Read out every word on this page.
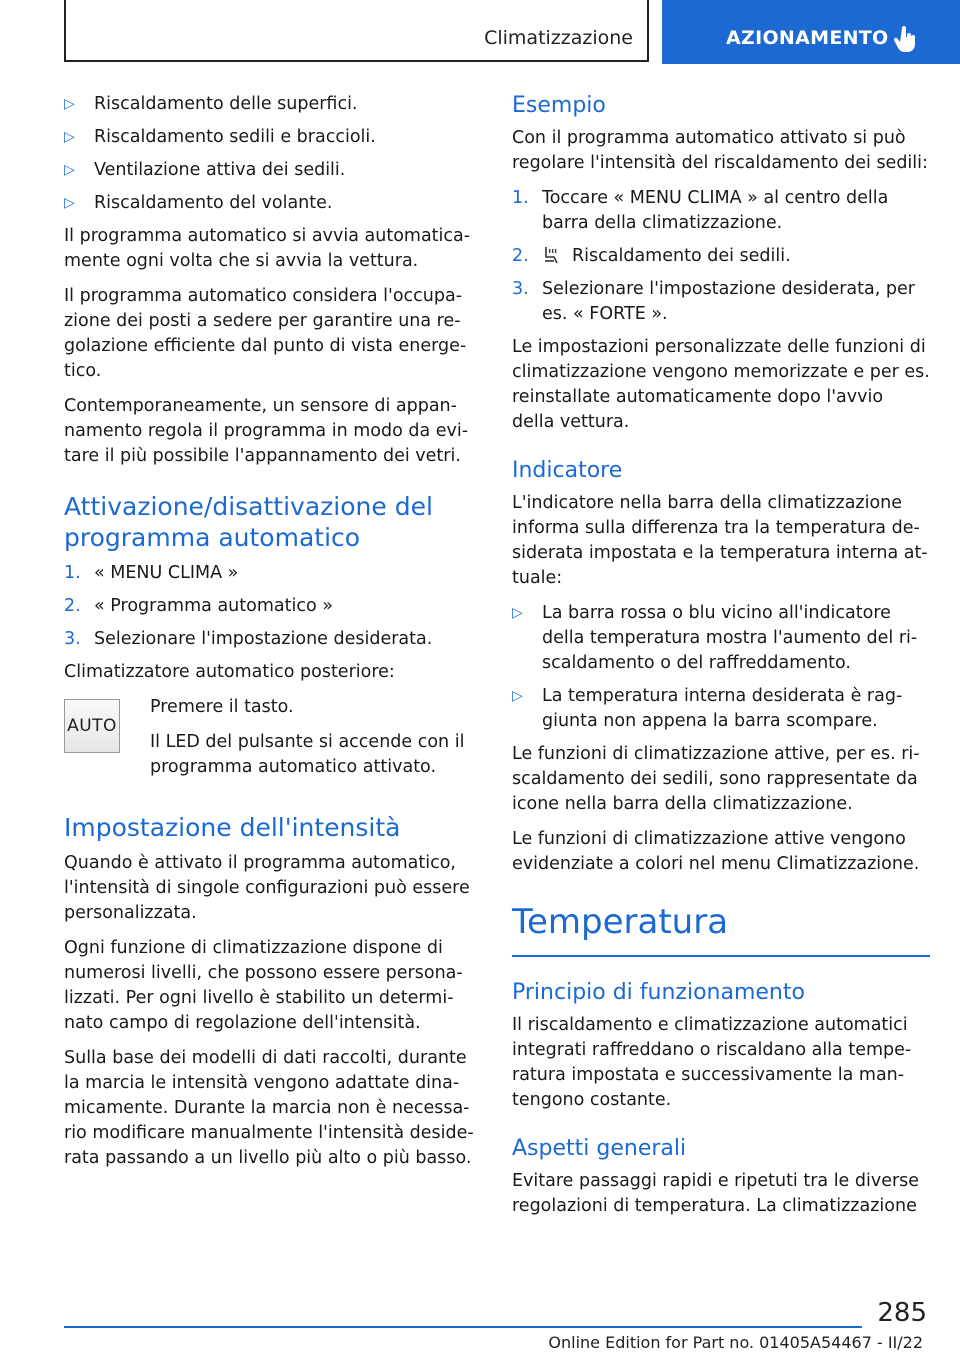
Climatizzazione	AZIONAMENTO
▷ Riscaldamento delle superfici.
▷ Riscaldamento sedili e braccioli.
▷ Ventilazione attiva dei sedili.
▷ Riscaldamento del volante.

Il programma automatico si avvia automatica-mente ogni volta che si avvia la vettura.

Il programma automatico considera l'occupa-zione dei posti a sedere per garantire una re-golazione efficiente dal punto di vista energe-tico.

Contemporaneamente, un sensore di appan-namento regola il programma in modo da evi-tare il più possibile l'appannamento dei vetri.

Attivazione/disattivazione del programma automatico
1. « MENU CLIMA »
2. « Programma automatico »
3. Selezionare l'impostazione desiderata.

Climatizzatore automatico posteriore:

AUTO

Premere il tasto.

Il LED del pulsante si accende con il programma automatico attivato.

Impostazione dell'intensità

Quando è attivato il programma automatico, l'intensità di singole configurazioni può essere personalizzata.

Ogni funzione di climatizzazione dispone di numerosi livelli, che possono essere persona-lizzati. Per ogni livello è stabilito un determi-nato campo di regolazione dell'intensità.

Sulla base dei modelli di dati raccolti, durante la marcia le intensità vengono adattate dina-micamente. Durante la marcia non è necessa-rio modificare manualmente l'intensità deside-rata passando a un livello più alto o più basso.

Esempio

Con il programma automatico attivato si può regolare l'intensità del riscaldamento dei sedili:

1. Toccare « MENU CLIMA » al centro della barra della climatizzazione.
2. Riscaldamento dei sedili.
3. Selezionare l'impostazione desiderata, per es. « FORTE ».

Le impostazioni personalizzate delle funzioni di climatizzazione vengono memorizzate e per es. reinstallate automaticamente dopo l'avvio della vettura.

Indicatore

L'indicatore nella barra della climatizzazione informa sulla differenza tra la temperatura de-siderata impostata e la temperatura interna at-tuale:

▷ La barra rossa o blu vicino all'indicatore della temperatura mostra l'aumento del ri-scaldamento o del raffreddamento.
▷ La temperatura interna desiderata è rag-giunta non appena la barra scompare.

Le funzioni di climatizzazione attive, per es. ri-scaldamento dei sedili, sono rappresentate da icone nella barra della climatizzazione.

Le funzioni di climatizzazione attive vengono evidenziate a colori nel menu Climatizzazione.

Temperatura
Principio di funzionamento

Il riscaldamento e climatizzazione automatici integrati raffreddano o riscaldano alla tempe-ratura impostata e successivamente la man-tengono costante.

Aspetti generali

Evitare passaggi rapidi e ripetuti tra le diverse regolazioni di temperatura. La climatizzazione

285
Online Edition for Part no. 01405A54467 - II/22
